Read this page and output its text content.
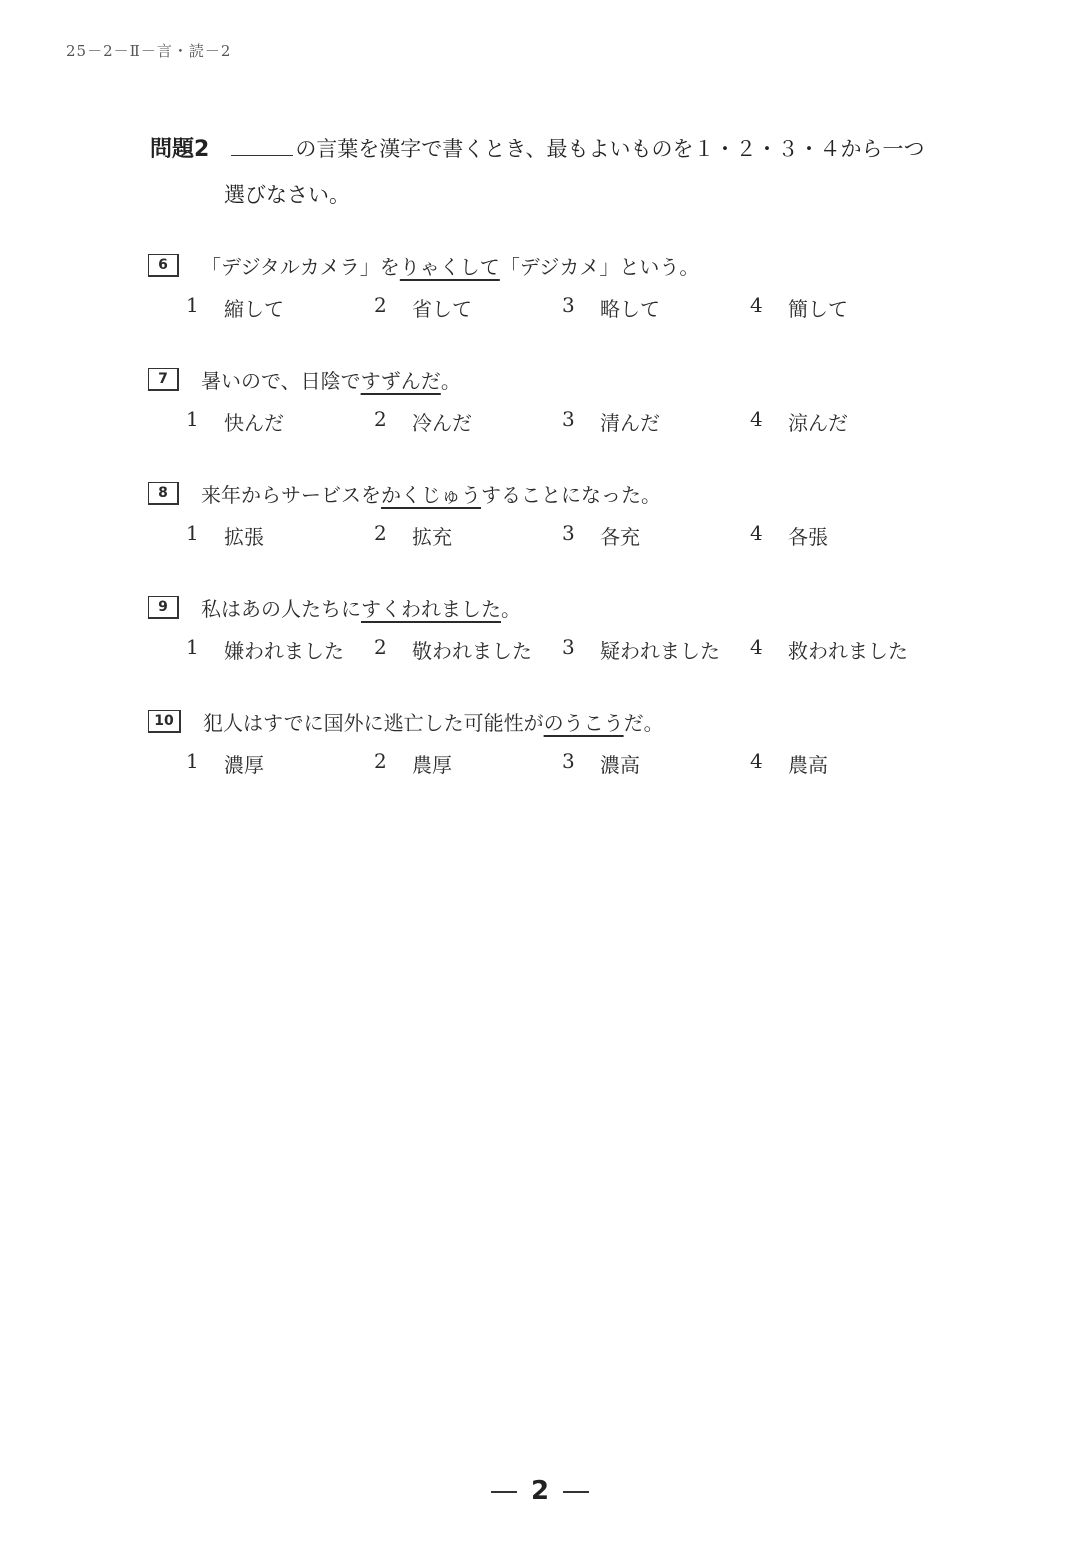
25－2－Ⅱ－言・読－2
問題2	の言葉を漢字で書くとき、最もよいものを１・２・３・４から一つ
選びなさい。
6	「デジタルカメラ」を りゃくして 「デジカメ」という。
1	縮して	2	省して	3	略して	4	簡して
7	暑いので、日陰で すずんだ 。
1	快んだ	2	冷んだ	3	清んだ	4	涼んだ
8	来年からサービスを かくじゅう することになった。
1	拡張	2	拡充	3	各充	4	各張
9	私はあの人たちに すくわれました 。
1	嫌われました 2	敬われました 3	疑われました 4	救われました
10	犯人はすでに国外に逃亡した可能性が のうこう だ。
1	濃厚	2	農厚	3	濃高	4	農高
2
